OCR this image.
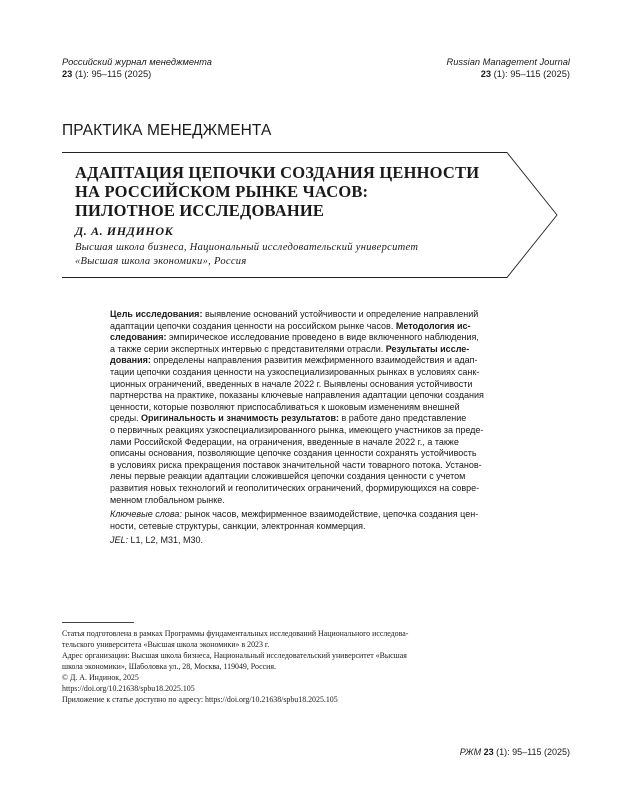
Российский журнал менеджмента
23 (1): 95–115 (2025)
Russian Management Journal
23 (1): 95–115 (2025)
ПРАКТИКА МЕНЕДЖМЕНТА
АДАПТАЦИЯ ЦЕПОЧКИ СОЗДАНИЯ ЦЕННОСТИ
НА РОССИЙСКОМ РЫНКЕ ЧАСОВ:
ПИЛОТНОЕ ИССЛЕДОВАНИЕ
Д. А. ИНДИНОК
Высшая школа бизнеса, Национальный исследовательский университет
«Высшая школа экономики», Россия
Цель исследования: выявление оснований устойчивости и определение направлений
адаптации цепочки создания ценности на российском рынке часов. Методология ис-
следования: эмпирическое исследование проведено в виде включенного наблюдения,
а также серии экспертных интервью с представителями отрасли. Результаты иссле-
дования: определены направления развития межфирменного взаимодействия и адап-
тации цепочки создания ценности на узкоспециализированных рынках в условиях санк-
ционных ограничений, введенных в начале 2022 г. Выявлены основания устойчивости
партнерства на практике, показаны ключевые направления адаптации цепочки создания
ценности, которые позволяют приспосабливаться к шоковым изменениям внешней
среды. Оригинальность и значимость результатов: в работе дано представление
о первичных реакциях узкоспециализированного рынка, имеющего участников за преде-
лами Российской Федерации, на ограничения, введенные в начале 2022 г., а также
описаны основания, позволяющие цепочке создания ценности сохранять устойчивость
в условиях риска прекращения поставок значительной части товарного потока. Установ-
лены первые реакции адаптации сложившейся цепочки создания ценности с учетом
развития новых технологий и геополитических ограничений, формирующихся на совре-
менном глобальном рынке.
Ключевые слова: рынок часов, межфирменное взаимодействие, цепочка создания цен-
ности, сетевые структуры, санкции, электронная коммерция.
JEL: L1, L2, M31, M30.
Статья подготовлена в рамках Программы фундаментальных исследований Национального исследова-
тельского университета «Высшая школа экономики» в 2023 г.
Адрес организации: Высшая школа бизнеса, Национальный исследовательский университет «Высшая
школа экономики», Шаболовка ул., 28, Москва, 119049, Россия.
© Д. А. Индинок, 2025
https://doi.org/10.21638/spbu18.2025.105
Приложение к статье доступно по адресу: https://doi.org/10.21638/spbu18.2025.105
РЖМ 23 (1): 95–115 (2025)
